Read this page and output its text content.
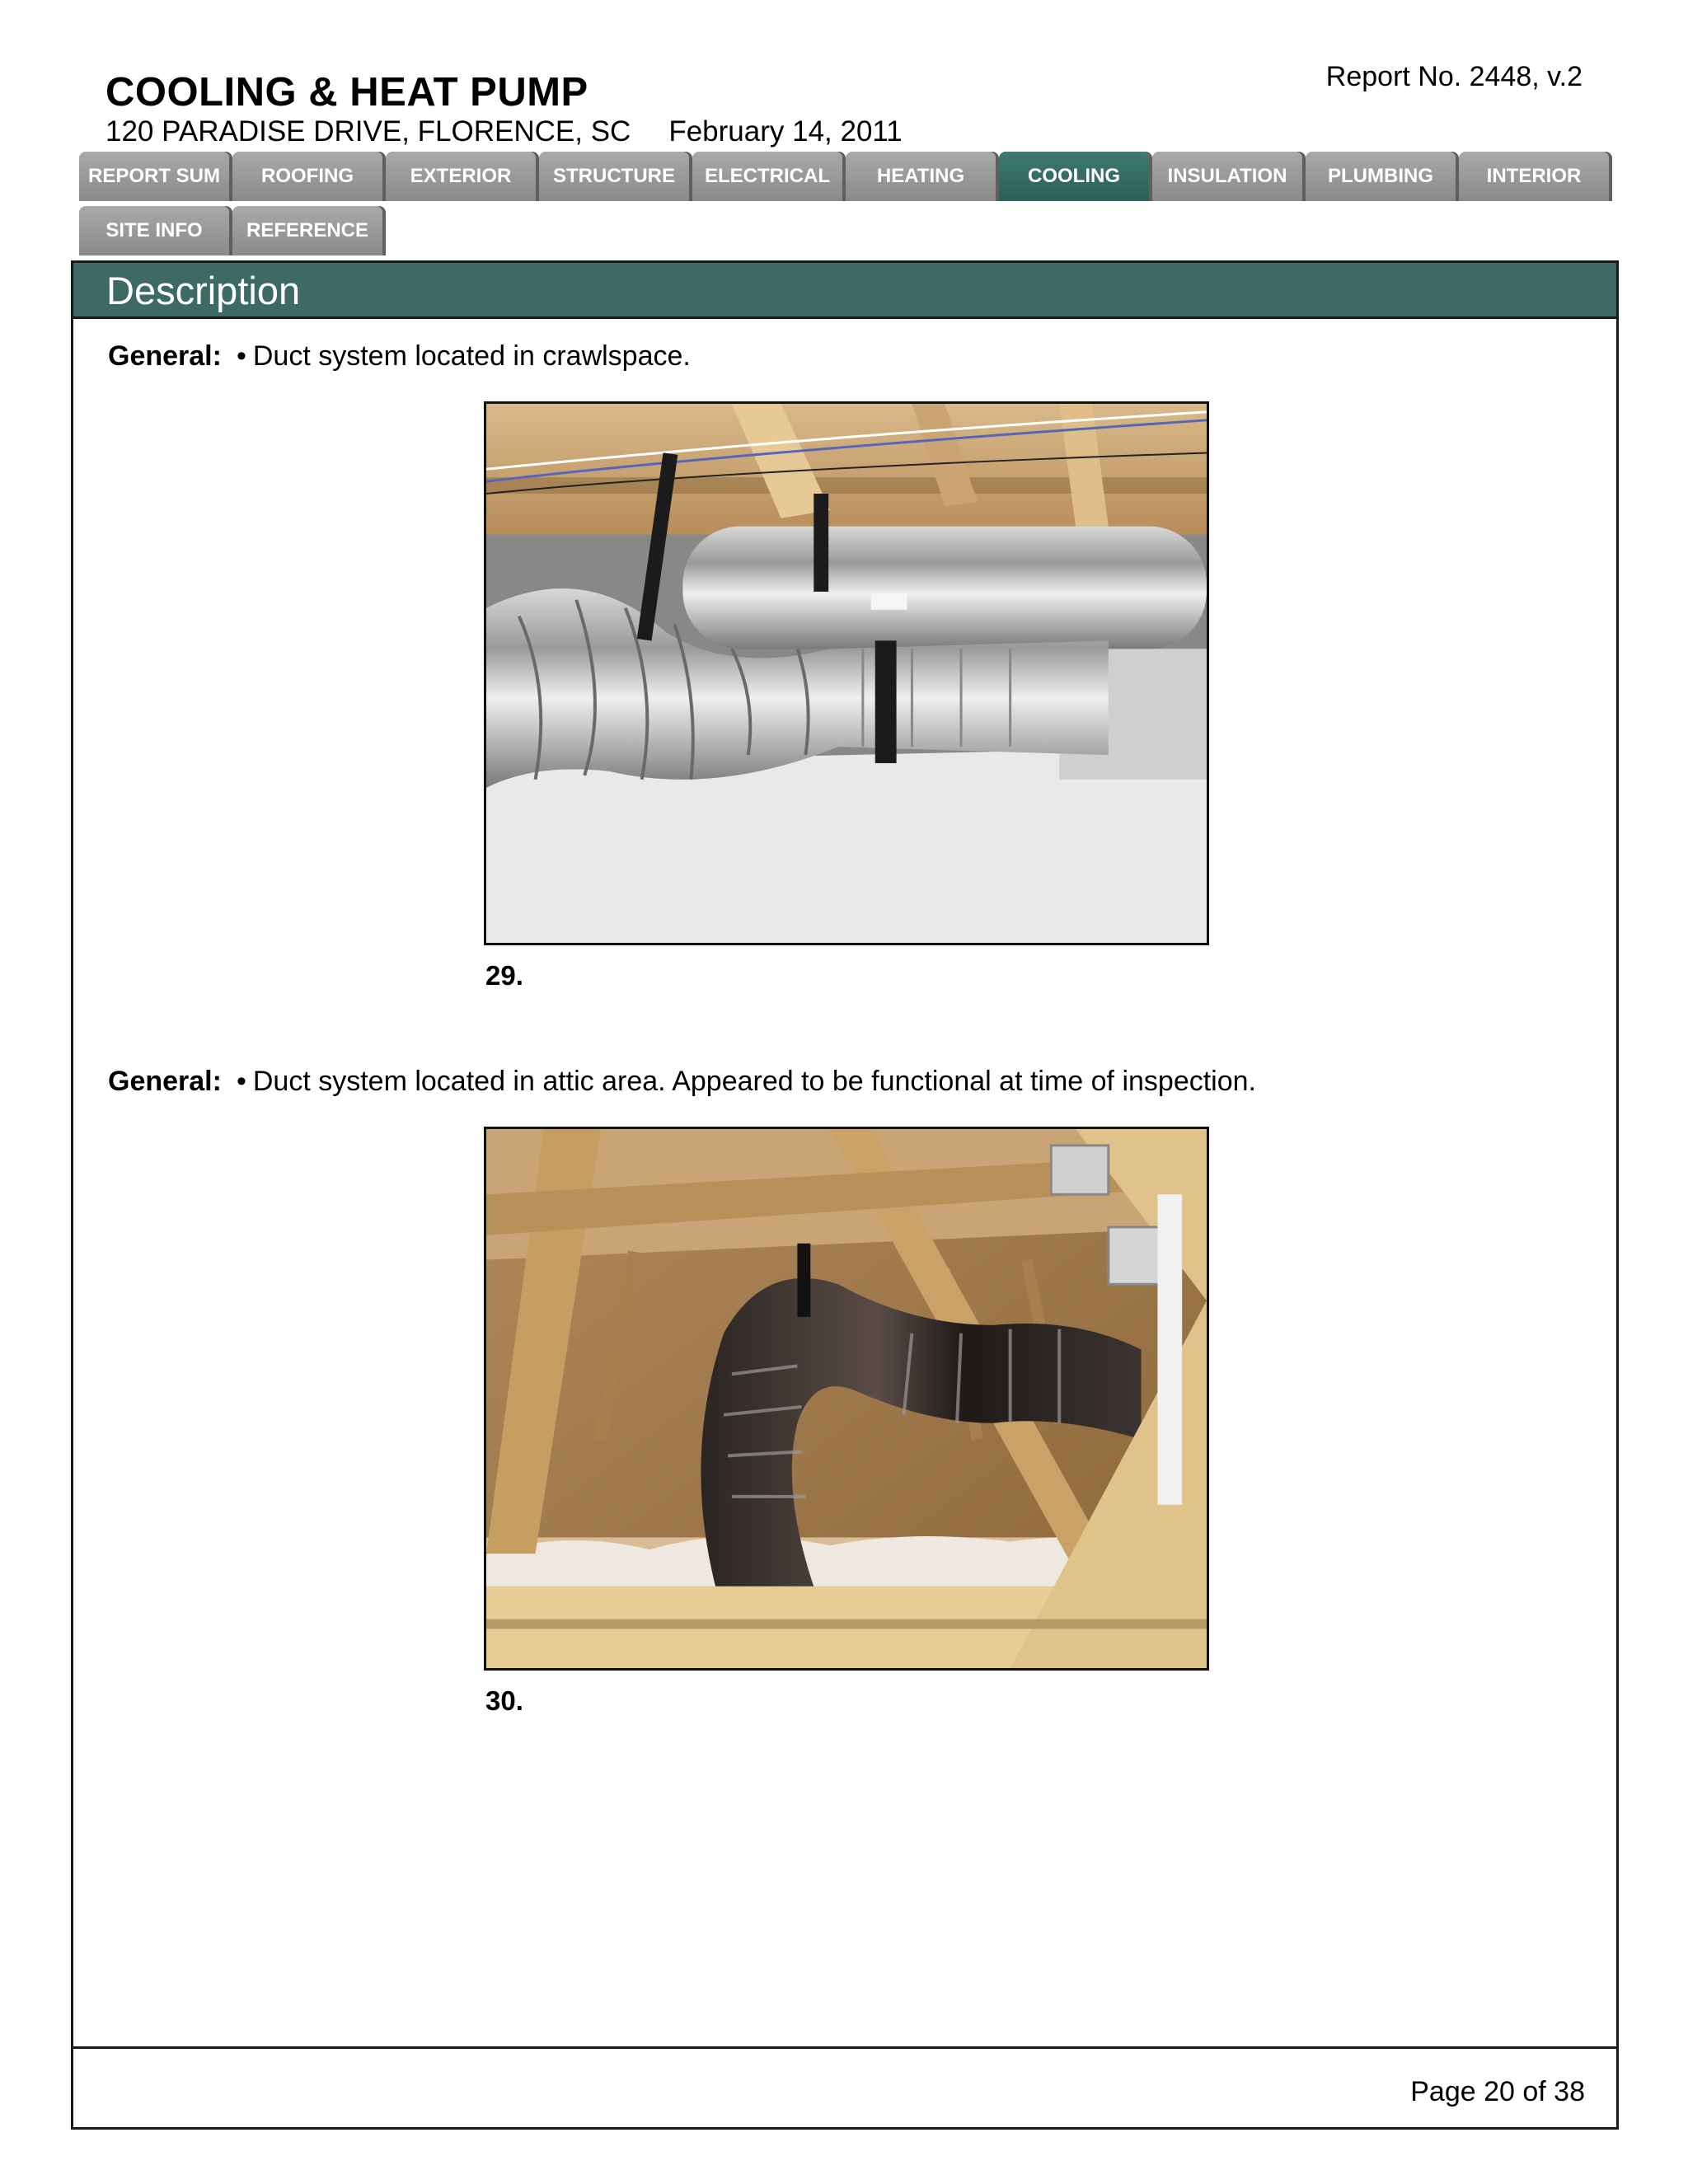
COOLING & HEAT PUMP
120 PARADISE DRIVE, FLORENCE, SC February 14, 2011
Report No. 2448, v.2
REPORT SUM	ROOFING	EXTERIOR	STRUCTURE	ELECTRICAL	HEATING	COOLING	INSULATION	PLUMBING	INTERIOR
SITE INFO	REFERENCE
Description
General: • Duct system located in crawlspace.
29.
General: • Duct system located in attic area. Appeared to be functional at time of inspection.
30.
Page 20 of 38
